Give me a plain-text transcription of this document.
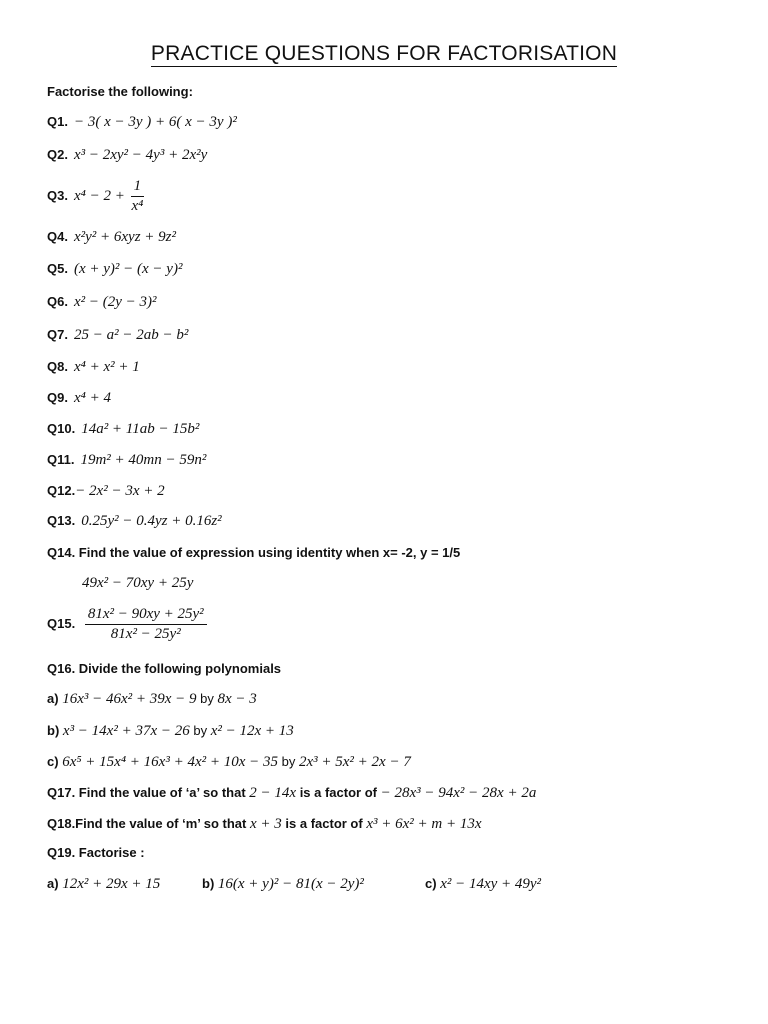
PRACTICE QUESTIONS FOR FACTORISATION
Factorise the following:
Q1. − 3( x − 3y ) + 6( x − 3y )²
Q2. x³ − 2xy² − 4y³ + 2x²y
Q3. $x^4 - 2 + \frac{1}{\text{x⁴}}$
Q4. x²y² + 6xyz + 9z²
Q5. (x + y)² − (x − y)²
Q6. x² − (2y − 3)²
Q7. 25 − a² − 2ab − b²
Q8. x⁴ + x² + 1
Q9. x⁴ + 4
Q10. 14a² + 11ab − 15b²
Q11. 19m² + 40mn − 59n²
Q12.− 2x² − 3x + 2
Q13. 0.25y² − 0.4yz + 0.16z²
Q14. Find the value of expression using identity when x= -2, y = 1/5
49x² − 70xy + 25y
Q15. $\frac{\text{81x² − 90xy + 25y²}}{\text{81x² − 25y²}}$
Q16. Divide the following polynomials
a) 16x³ − 46x² + 39x − 9 by 8x − 3
b) x³ − 14x² + 37x − 26 by x² − 12x + 13
c) 6x⁵ + 15x⁴ + 16x³ + 4x² + 10x − 35 by 2x³ + 5x² + 2x − 7
Q17. Find the value of ‘a’ so that 2 − 14x is a factor of − 28x³ − 94x² − 28x + 2a
Q18.Find the value of ‘m’ so that x + 3 is a factor of x³ + 6x² + m + 13x
Q19. Factorise :
a) 12x² + 29x + 15	b) 16(x + y)² − 81(x − 2y)²	c) x² − 14xy + 49y²
